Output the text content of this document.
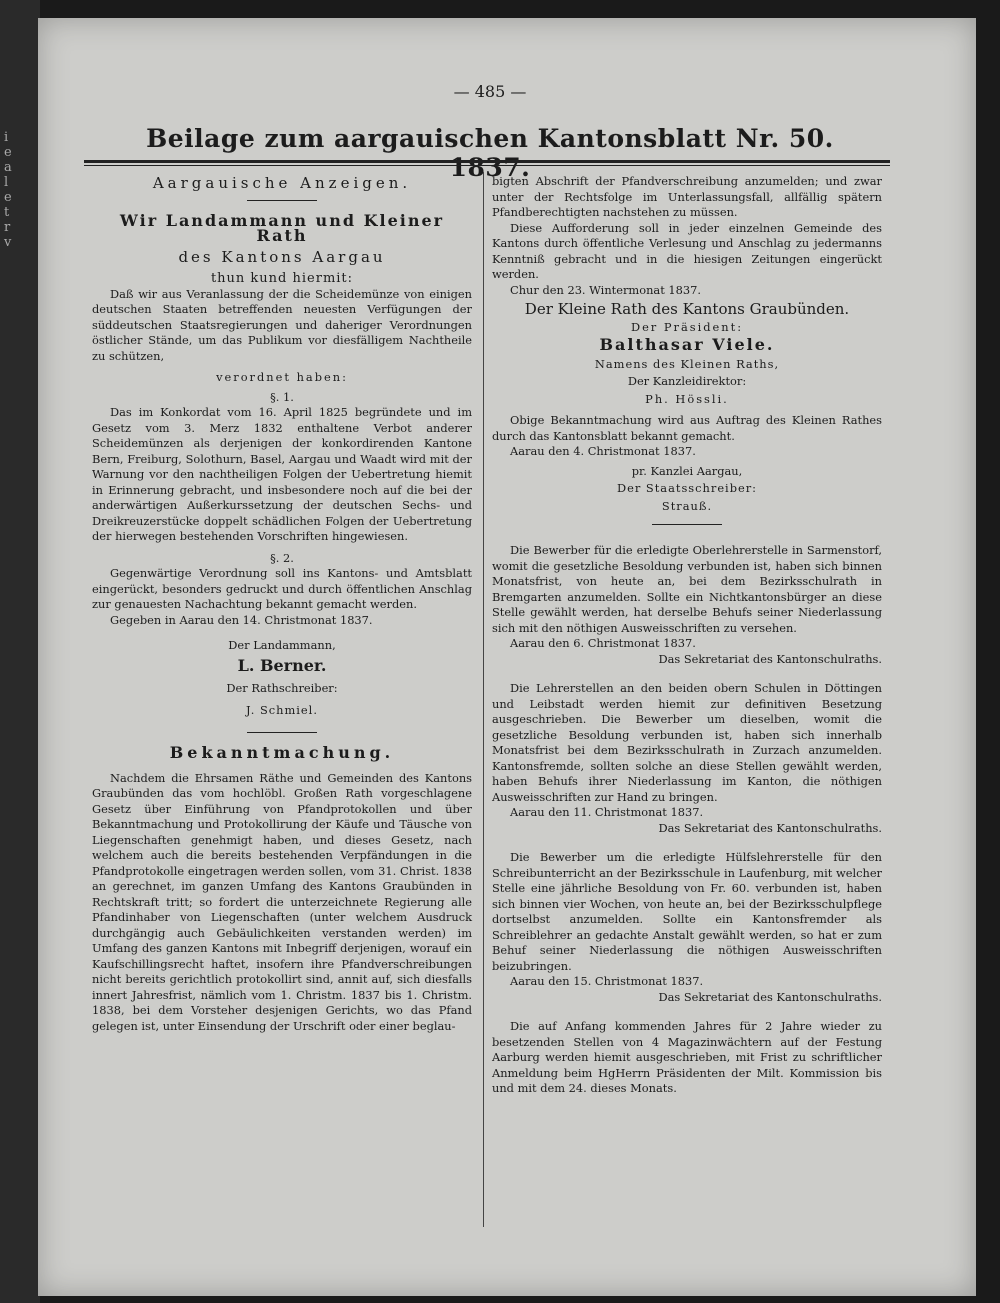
i e a l e t r v
— 485 —
Beilage zum aargauischen Kantonsblatt Nr. 50. 1837.
Aargauische Anzeigen.
Wir Landammann und Kleiner Rath
des Kantons Aargau
thun kund hiermit:

Daß wir aus Veranlassung der die Scheidemünze von einigen deutschen Staaten betreffenden neuesten Verfügungen der süddeutschen Staatsregierungen und dahеriger Verordnungen östlicher Stände, um das Publikum vor diesfälligem Nachtheile zu schützen,

verordnet haben:
§. 1.

Das im Konkordat vom 16. April 1825 begründete und im Gesetz vom 3. Merz 1832 enthaltene Verbot anderer Scheidemünzen als derjenigen der konkordirenden Kantone Bern, Freiburg, Solothurn, Basel, Aargau und Waadt wird mit der Warnung vor den nachtheiligen Folgen der Uebertretung hiemit in Erinnerung gebracht, und insbesondere noch auf die bei der anderwärtigen Außerkurssetzung der deutschen Sechs- und Dreikreuzerstücke doppelt schädlichen Folgen der Uebertretung der hierwegen bestehenden Vorschriften hingewiesen.

§. 2.

Gegenwärtige Verordnung soll ins Kantons- und Amtsblatt eingerückt, besonders gedruckt und durch öffentlichen Anschlag zur genauesten Nachachtung bekannt gemacht werden.

Gegeben in Aarau den 14. Christmonat 1837.

Der Landammann,
L. Berner.
Der Rathschreiber:
J. Schmiel.
Bekanntmachung.

Nachdem die Ehrsamen Räthe und Gemeinden des Kantons Graubünden das vom hochlöbl. Großen Rath vorgeschlagene Gesetz über Einführung von Pfandprotokollen und über Bekanntmachung und Protokollirung der Käufe und Täusche von Liegenschaften genehmigt haben, und dieses Gesetz, nach welchem auch die bereits bestehenden Verpfändungen in die Pfandprotokolle eingetragen werden sollen, vom 31. Christ. 1838 an gerechnet, im ganzen Umfang des Kantons Graubünden in Rechtskraft tritt; so fordert die unterzeichnete Regierung alle Pfandinhaber von Liegenschaften (unter welchem Ausdruck durchgängig auch Gebäulichkeiten verstanden werden) im Umfang des ganzen Kantons mit Inbegriff derjenigen, worauf ein Kaufschillingsrecht haftet, insofern ihre Pfandverschreibungen nicht bereits gerichtlich protokollirt sind, annit auf, sich diesfalls innert Jahresfrist, nämlich vom 1. Christm. 1837 bis 1. Christm. 1838, bei dem Vorsteher desjenigen Gerichts, wo das Pfand gelegen ist, unter Einsendung der Urschrift oder einer beglau-

bigten Abschrift der Pfandverschreibung anzumelden; und zwar unter der Rechtsfolge im Unterlassungsfall, allfällig spätern Pfandberechtigten nachstehen zu müssen.

Diese Aufforderung soll in jeder einzelnen Gemeinde des Kantons durch öffentliche Verlesung und Anschlag zu jedermanns Kenntniß gebracht und in die hiesigen Zeitungen eingerückt werden.

Chur den 23. Wintermonat 1837.

Der Kleine Rath des Kantons Graubünden.
Der Präsident:
Balthasar Viele.
Namens des Kleinen Raths,
Der Kanzleidirektor:
Ph. Hössli.

Obige Bekanntmachung wird aus Auftrag des Kleinen Rathes durch das Kantonsblatt bekannt gemacht.

Aarau den 4. Christmonat 1837.

pr. Kanzlei Aargau,
Der Staatsschreiber:
Strauß.

Die Bewerber für die erledigte Oberlehrerstelle in Sarmenstorf, womit die gesetzliche Besoldung verbunden ist, haben sich binnen Monatsfrist, von heute an, bei dem Bezirksschulrath in Bremgarten anzumelden. Sollte ein Nichtkantonsbürger an diese Stelle gewählt werden, hat derselbe Behufs seiner Niederlassung sich mit den nöthigen Ausweisschriften zu versehen.

Aarau den 6. Christmonat 1837.

Das Sekretariat des Kantonschulraths.

Die Lehrerstellen an den beiden obern Schulen in Döttingen und Leibstadt werden hiemit zur definitiven Besetzung ausgeschrieben. Die Bewerber um dieselben, womit die gesetzliche Besoldung verbunden ist, haben sich innerhalb Monatsfrist bei dem Bezirksschulrath in Zurzach anzumelden. Kantonsfremde, sollten solche an diese Stellen gewählt werden, haben Behufs ihrer Niederlassung im Kanton, die nöthigen Ausweisschriften zur Hand zu bringen.

Aarau den 11. Christmonat 1837.

Das Sekretariat des Kantonschulraths.

Die Bewerber um die erledigte Hülfslehrerstelle für den Schreibunterricht an der Bezirksschule in Laufenburg, mit welcher Stelle eine jährliche Besoldung von Fr. 60. verbunden ist, haben sich binnen vier Wochen, von heute an, bei der Bezirksschulpflege dortselbst anzumelden. Sollte ein Kantonsfremder als Schreiblehrer an gedachte Anstalt gewählt werden, so hat er zum Behuf seiner Niederlassung die nöthigen Ausweisschriften beizubringen.

Aarau den 15. Christmonat 1837.

Das Sekretariat des Kantonschulraths.

Die auf Anfang kommenden Jahres für 2 Jahre wieder zu besetzenden Stellen von 4 Magazinwächtern auf der Festung Aarburg werden hiemit ausgeschrieben, mit Frist zu schriftlicher Anmeldung beim HgHerrn Präsidenten der Milt. Kommission bis und mit dem 24. dieses Monats.
